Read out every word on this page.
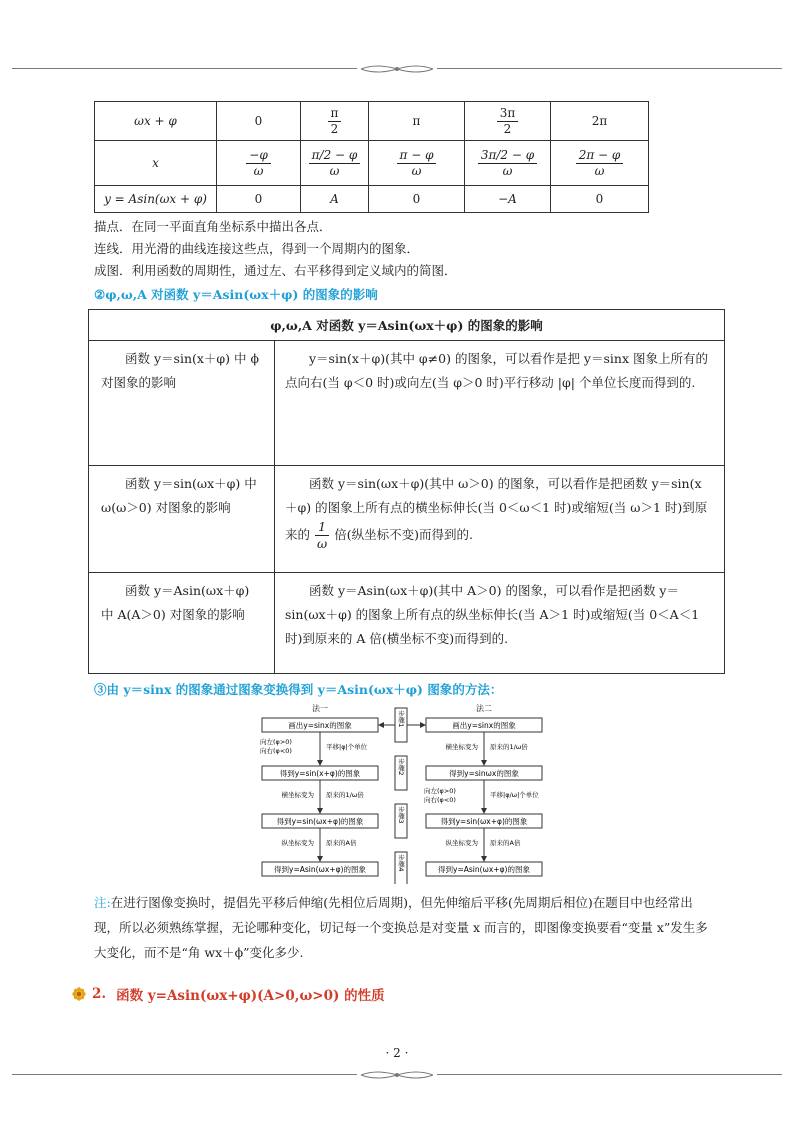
ωx + φ	0	$\frac{\pi}{2}$	π	$\frac{3\pi}{2}$	2π
x	$\frac{-\varphi}{\omega}$	$\frac{\pi/2 - \varphi}{\omega}$	$\frac{\pi - \varphi}{\omega}$	$\frac{3\pi/2 - \varphi}{\omega}$	$\frac{2\pi - \varphi}{\omega}$

y = Asin(ωx + φ)	0	A	0	−A	0
描点．在同一平面直角坐标系中描出各点．
连线．用光滑的曲线连接这些点，得到一个周期内的图象．
成图．利用函数的周期性，通过左、右平移得到定义域内的简图．
②φ,ω,A 对函数 y＝Asin(ωx＋φ) 的图象的影响
φ,ω,A 对函数 y＝Asin(ωx＋φ) 的图象的影响	
函数 y＝sin(x＋φ) 中 ϕ 对图象的影响	y＝sin(x＋φ)(其中 φ≠0) 的图象，可以看作是把 y＝sinx 图象上所有的点向右(当 φ＜0 时)或向左(当 φ＞0 时)平行移动 |φ| 个单位长度而得到的.
函数 y＝sin(ωx＋φ) 中 ω(ω＞0) 对图象的影响	函数 y＝sin(ωx＋φ)(其中 ω＞0) 的图象，可以看作是把函数 y＝sin(x＋φ) 的图象上所有点的横坐标伸长(当 0＜ω＜1 时)或缩短(当 ω＞1 时)到原来的 $\frac{1}{\omega}$ 倍(纵坐标不变)而得到的.
函数 y＝Asin(ωx＋φ) 中 A(A＞0) 对图象的影响	函数 y＝Asin(ωx＋φ)(其中 A＞0) 的图象，可以看作是把函数 y＝sin(ωx＋φ) 的图象上所有点的纵坐标伸长(当 A＞1 时)或缩短(当 0＜A＜1 时)到原来的 A 倍(横坐标不变)而得到的.
③由 y＝sinx 的图象通过图象变换得到 y＝Asin(ωx＋φ) 图象的方法：
法一	法二
画出y=sinx的图象
得到y=sin(x+φ)的图象
得到y=sin(ωx+φ)的图象
得到y=Asin(ωx+φ)的图象
画出y=sinx的图象
得到y=sinωx的图象
得到y=sin(ωx+φ)的图象
得到y=Asin(ωx+φ)的图象
步骤1
步骤2
步骤3
步骤4
向左(φ>0)
向右(φ<0)	平移|φ|个单位
横坐标变为 原来的1/ω倍
纵坐标变为 原来的A倍
横坐标变为 原来的1/ω倍
向左(φ>0)
向右(φ<0)
平移|φ/ω|个单位
纵坐标变为 原来的A倍
注:在进行图像变换时，提倡先平移后伸缩(先相位后周期)，但先伸缩后平移(先周期后相位)在题目中也经常出现，所以必须熟练掌握，无论哪种变化，切记每一个变换总是对变量 x 而言的，即图像变换要看“变量 x”发生多大变化，而不是“角 wx＋ϕ”变化多少.
2. 函数 y=Asin(ωx+φ)(A>0,ω>0) 的性质
· 2 ·
